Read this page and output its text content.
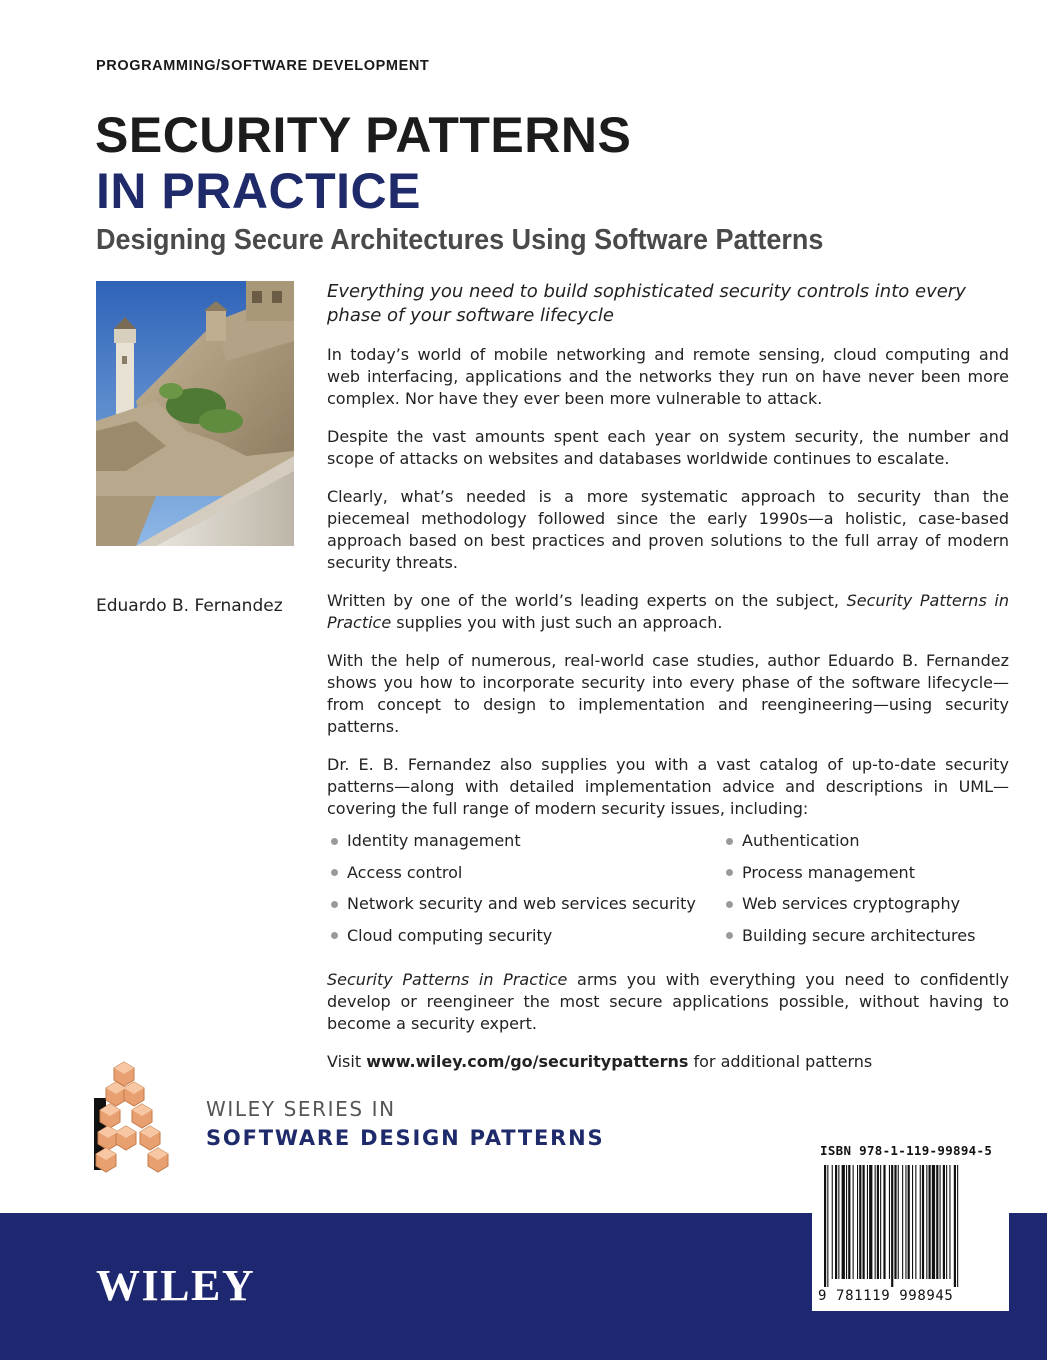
PROGRAMMING/SOFTWARE DEVELOPMENT
SECURITY PATTERNS
IN PRACTICE
Designing Secure Architectures Using Software Patterns
Eduardo B. Fernandez

Everything you need to build sophisticated security controls into every phase of your software lifecycle

In today’s world of mobile networking and remote sensing, cloud computing and web interfacing, applications and the networks they run on have never been more complex. Nor have they ever been more vulnerable to attack.

Despite the vast amounts spent each year on system security, the number and scope of attacks on websites and databases worldwide continues to escalate.

Clearly, what’s needed is a more systematic approach to security than the piecemeal methodology followed since the early 1990s—a holistic, case-based approach based on best practices and proven solutions to the full array of modern security threats.

Written by one of the world’s leading experts on the subject, Security Patterns in Practice supplies you with just such an approach.

With the help of numerous, real-world case studies, author Eduardo B. Fernandez shows you how to incorporate security into every phase of the software lifecycle—from concept to design to implementation and reengineering—using security patterns.

Dr. E. B. Fernandez also supplies you with a vast catalog of up-to-date security patterns—along with detailed implementation advice and descriptions in UML—covering the full range of modern security issues, including:

Identity management	Authentication
Access control	Process management
Network security and web services security	Web services cryptography
Cloud computing security	Building secure architectures

Security Patterns in Practice arms you with everything you need to confidently develop or reengineer the most secure applications possible, without having to become a security expert.

Visit www.wiley.com/go/securitypatterns for additional patterns

WILEY SERIES IN
SOFTWARE DESIGN PATTERNS
WILEY
ISBN 978-1-119-99894-5
9 781119 998945
